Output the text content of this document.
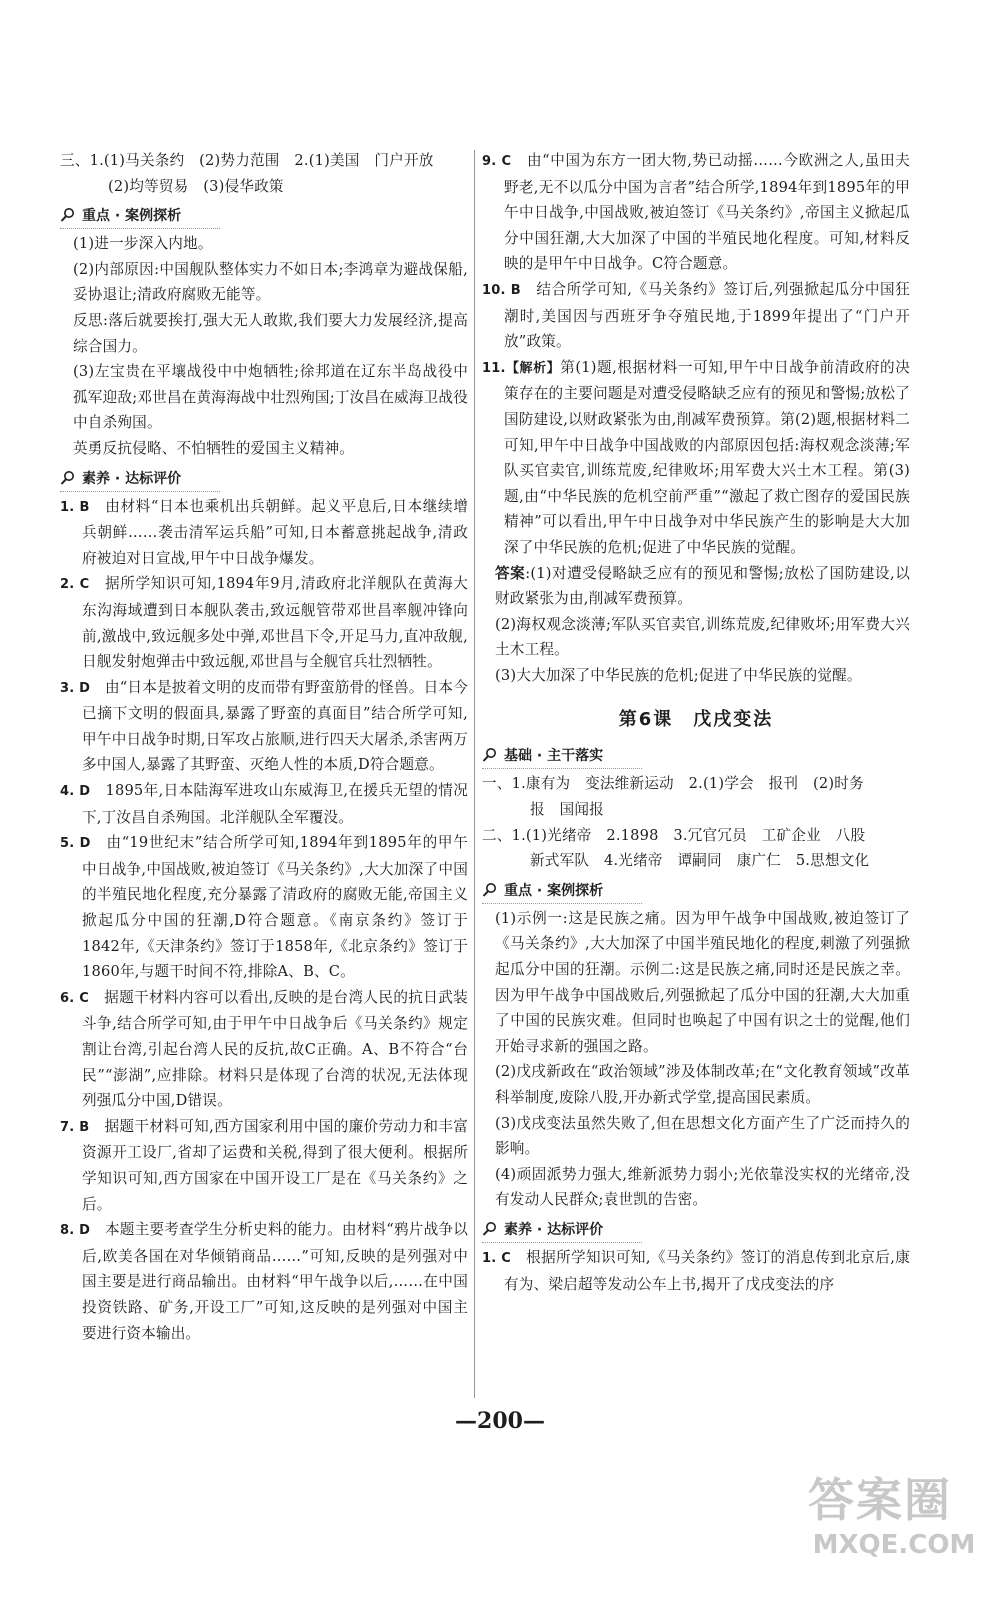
三、1.(1)马关条约　(2)势力范围　2.(1)美国　门户开放

(2)均等贸易　(3)侵华政策

重点 · 案例探析

(1)进一步深入内地。

(2)内部原因:中国舰队整体实力不如日本;李鸿章为避战保船,妥协退让;清政府腐败无能等。

反思:落后就要挨打,强大无人敢欺,我们要大力发展经济,提高综合国力。

(3)左宝贵在平壤战役中中炮牺牲;徐邦道在辽东半岛战役中孤军迎敌;邓世昌在黄海海战中壮烈殉国;丁汝昌在威海卫战役中自杀殉国。

英勇反抗侵略、不怕牺牲的爱国主义精神。

素养 · 达标评价

1. B　 由材料“日本也乘机出兵朝鲜。起义平息后,日本继续增兵朝鲜……袭击清军运兵船”可知,日本蓄意挑起战争,清政府被迫对日宣战,甲午中日战争爆发。

2. C　 据所学知识可知,1894年9月,清政府北洋舰队在黄海大东沟海域遭到日本舰队袭击,致远舰管带邓世昌率舰冲锋向前,激战中,致远舰多处中弹,邓世昌下令,开足马力,直冲敌舰,日舰发射炮弹击中致远舰,邓世昌与全舰官兵壮烈牺牲。

3. D　 由“日本是披着文明的皮而带有野蛮筋骨的怪兽。日本今已摘下文明的假面具,暴露了野蛮的真面目”结合所学可知,甲午中日战争时期,日军攻占旅顺,进行四天大屠杀,杀害两万多中国人,暴露了其野蛮、灭绝人性的本质,D符合题意。

4. D　 1895年,日本陆海军进攻山东威海卫,在援兵无望的情况下,丁汝昌自杀殉国。北洋舰队全军覆没。

5. D　 由“19世纪末”结合所学可知,1894年到1895年的甲午中日战争,中国战败,被迫签订《马关条约》,大大加深了中国的半殖民地化程度,充分暴露了清政府的腐败无能,帝国主义掀起瓜分中国的狂潮,D符合题意。《南京条约》签订于1842年,《天津条约》签订于1858年,《北京条约》签订于1860年,与题干时间不符,排除A、B、C。

6. C　 据题干材料内容可以看出,反映的是台湾人民的抗日武装斗争,结合所学可知,由于甲午中日战争后《马关条约》规定割让台湾,引起台湾人民的反抗,故C正确。A、B不符合“台民”“澎湖”,应排除。材料只是体现了台湾的状况,无法体现列强瓜分中国,D错误。

7. B　 据题干材料可知,西方国家利用中国的廉价劳动力和丰富资源开工设厂,省却了运费和关税,得到了很大便利。根据所学知识可知,西方国家在中国开设工厂是在《马关条约》之后。

8. D　 本题主要考查学生分析史料的能力。由材料“鸦片战争以后,欧美各国在对华倾销商品……”可知,反映的是列强对中国主要是进行商品输出。由材料“甲午战争以后,……在中国投资铁路、矿务,开设工厂”可知,这反映的是列强对中国主要进行资本输出。

9. C　 由“中国为东方一团大物,势已动摇……今欧洲之人,虽田夫野老,无不以瓜分中国为言者”结合所学,1894年到1895年的甲午中日战争,中国战败,被迫签订《马关条约》,帝国主义掀起瓜分中国狂潮,大大加深了中国的半殖民地化程度。可知,材料反映的是甲午中日战争。C符合题意。

10. B　 结合所学可知,《马关条约》签订后,列强掀起瓜分中国狂潮时,美国因与西班牙争夺殖民地,于1899年提出了“门户开放”政策。

11.【解析】第(1)题,根据材料一可知,甲午中日战争前清政府的决策存在的主要问题是对遭受侵略缺乏应有的预见和警惕;放松了国防建设,以财政紧张为由,削减军费预算。第(2)题,根据材料二可知,甲午中日战争中国战败的内部原因包括:海权观念淡薄;军队买官卖官,训练荒废,纪律败坏;用军费大兴土木工程。第(3)题,由“中华民族的危机空前严重”“激起了救亡图存的爱国民族精神”可以看出,甲午中日战争对中华民族产生的影响是大大加深了中华民族的危机;促进了中华民族的觉醒。

答案:(1)对遭受侵略缺乏应有的预见和警惕;放松了国防建设,以财政紧张为由,削减军费预算。

(2)海权观念淡薄;军队买官卖官,训练荒废,纪律败坏;用军费大兴土木工程。

(3)大大加深了中华民族的危机;促进了中华民族的觉醒。

第6课　戊戌变法
基础 · 主干落实

一、1.康有为　变法维新运动　2.(1)学会　报刊　(2)时务

报　国闻报

二、1.(1)光绪帝　2.1898　3.冗官冗员　工矿企业　八股

新式军队　4.光绪帝　谭嗣同　康广仁　5.思想文化

重点 · 案例探析

(1)示例一:这是民族之痛。因为甲午战争中国战败,被迫签订了《马关条约》,大大加深了中国半殖民地化的程度,刺激了列强掀起瓜分中国的狂潮。示例二:这是民族之痛,同时还是民族之幸。因为甲午战争中国战败后,列强掀起了瓜分中国的狂潮,大大加重了中国的民族灾难。但同时也唤起了中国有识之士的觉醒,他们开始寻求新的强国之路。

(2)戊戌新政在“政治领域”涉及体制改革;在“文化教育领域”改革科举制度,废除八股,开办新式学堂,提高国民素质。

(3)戊戌变法虽然失败了,但在思想文化方面产生了广泛而持久的影响。

(4)顽固派势力强大,维新派势力弱小;光依靠没实权的光绪帝,没有发动人民群众;袁世凯的告密。

素养 · 达标评价

1. C　 根据所学知识可知,《马关条约》签订的消息传到北京后,康有为、梁启超等发动公车上书,揭开了戊戌变法的序

—200—
答案圈
MXQE.COM
